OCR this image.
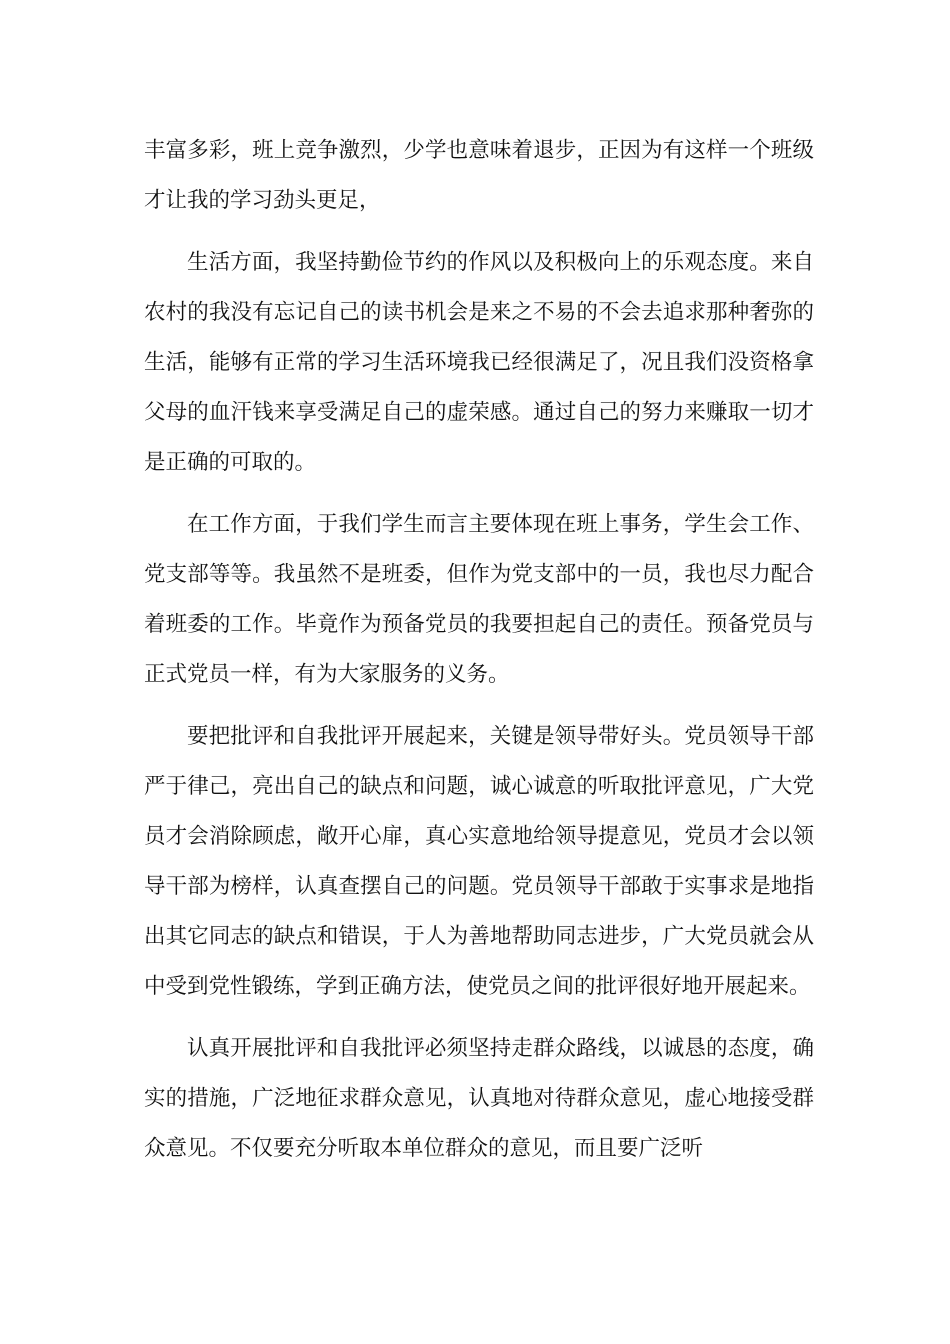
丰富多彩，班上竞争激烈，少学也意味着退步，正因为有这样一个班级才让我的学习劲头更足，

生活方面，我坚持勤俭节约的作风以及积极向上的乐观态度。来自农村的我没有忘记自己的读书机会是来之不易的不会去追求那种奢弥的生活，能够有正常的学习生活环境我已经很满足了，况且我们没资格拿父母的血汗钱来享受满足自己的虚荣感。通过自己的努力来赚取一切才是正确的可取的。

在工作方面，于我们学生而言主要体现在班上事务，学生会工作、党支部等等。我虽然不是班委，但作为党支部中的一员，我也尽力配合着班委的工作。毕竟作为预备党员的我要担起自己的责任。预备党员与正式党员一样，有为大家服务的义务。

要把批评和自我批评开展起来，关键是领导带好头。党员领导干部严于律己，亮出自己的缺点和问题，诚心诚意的听取批评意见，广大党员才会消除顾虑，敞开心扉，真心实意地给领导提意见，党员才会以领导干部为榜样，认真查摆自己的问题。党员领导干部敢于实事求是地指出其它同志的缺点和错误，于人为善地帮助同志进步，广大党员就会从中受到党性锻练，学到正确方法，使党员之间的批评很好地开展起来。

认真开展批评和自我批评必须坚持走群众路线，以诚恳的态度，确实的措施，广泛地征求群众意见，认真地对待群众意见，虚心地接受群众意见。不仅要充分听取本单位群众的意见，而且要广泛听
